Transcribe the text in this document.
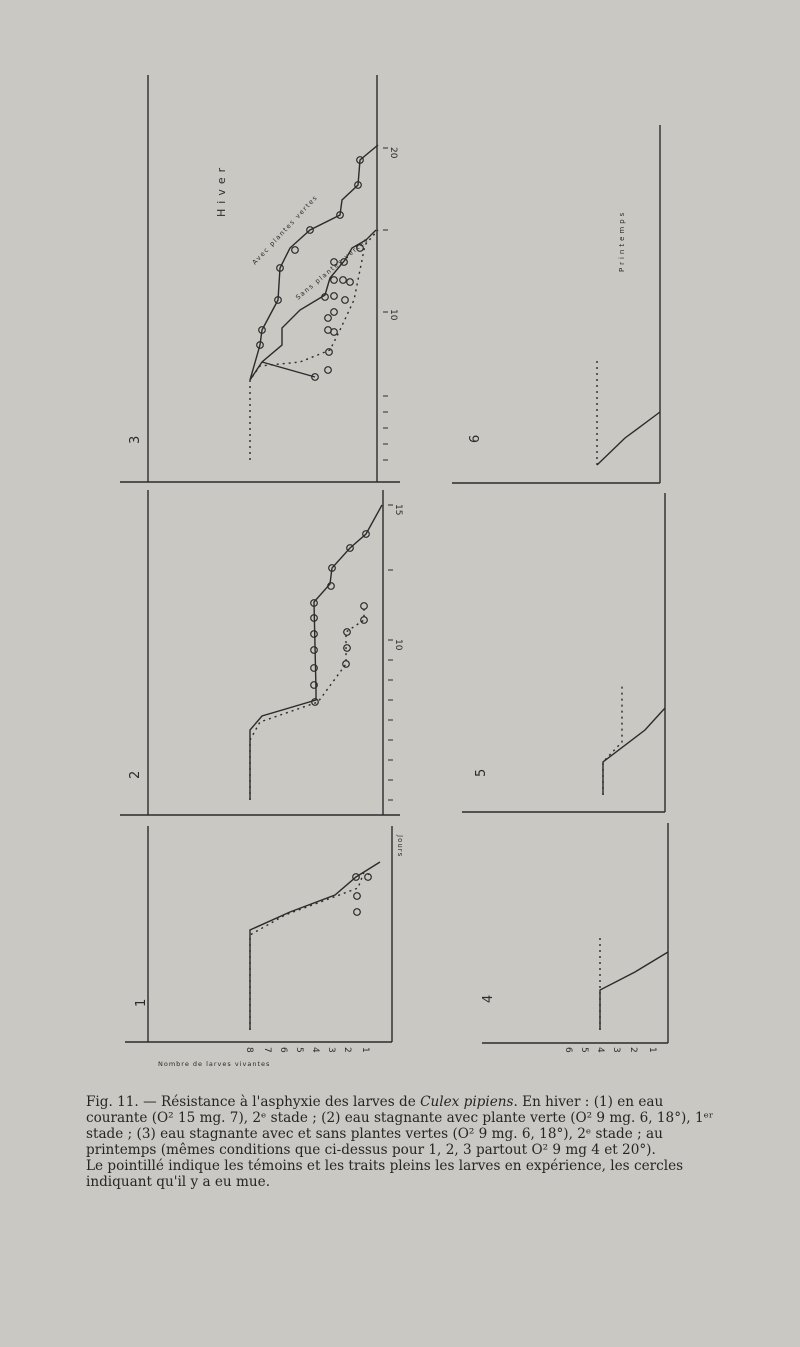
8 7 6 5 4 3 2 1	6 5 4 3 2 1
20
10
15
10
Nombre de larves vivantes
Jours
Hiver
Printemps
Avec plantes vertes
Sans plantes vertes
3
2
1
6
5
4

Fig. 11. — Résistance à l'asphyxie des larves de Culex pipiens. En hiver : (1) en eau courante (O² 15 mg. 7), 2ᵉ stade ; (2) eau stagnante avec plante verte (O² 9 mg. 6, 18°), 1ᵉʳ stade ; (3) eau stagnante avec et sans plantes vertes (O² 9 mg. 6, 18°), 2ᵉ stade ; au printemps (mêmes conditions que ci-dessus pour 1, 2, 3 partout O² 9 mg 4 et 20°).

Le pointillé indique les témoins et les traits pleins les larves en expérience, les cercles indiquant qu'il y a eu mue.
